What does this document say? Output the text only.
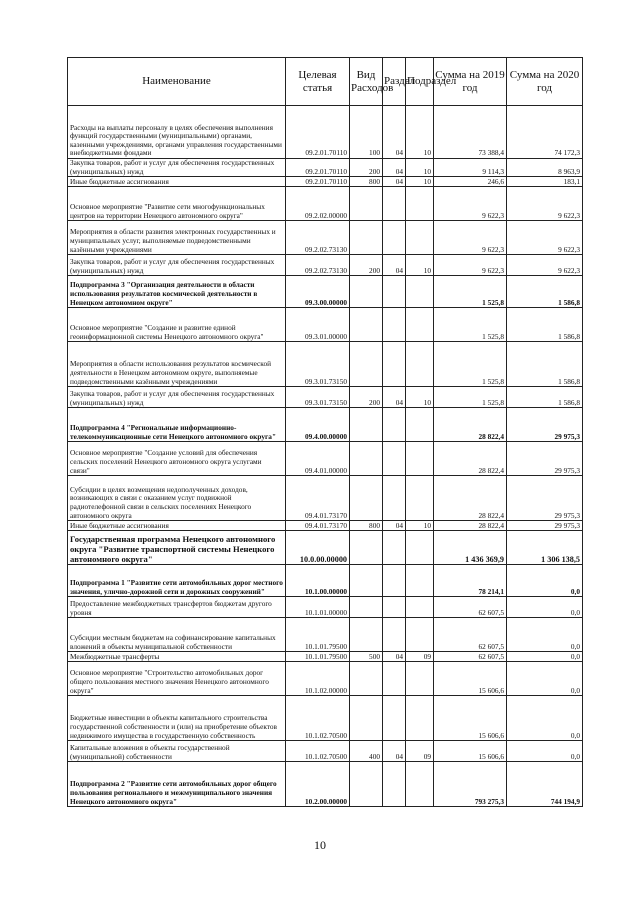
Наименование	Целевая статья	Вид Расходов	Раздел	Подраздел	Сумма на 2019 год	Сумма на 2020 год
Расходы на выплаты персоналу в целях обеспечения выполнения функций государственными (муниципальными) органами, казенными учреждениями, органами управления государственными внебюджетными фондами	09.2.01.70110	100	04	10	73 388,4	74 172,3
Закупка товаров, работ и услуг для обеспечения государственных (муниципальных) нужд	09.2.01.70110	200	04	10	9 114,3	8 963,9
Иные бюджетные ассигнования	09.2.01.70110	800	04	10	246,6	183,1
Основное мероприятие "Развитие сети многофункциональных центров на территории Ненецкого автономного округа"	09.2.02.00000				9 622,3	9 622,3
Мероприятия в области развития электронных государственных и муниципальных услуг, выполняемые подведомственными казёнными учреждениями	09.2.02.73130				9 622,3	9 622,3
Закупка товаров, работ и услуг для обеспечения государственных (муниципальных) нужд	09.2.02.73130	200	04	10	9 622,3	9 622,3
Подпрограмма 3 "Организация деятельности в области использования результатов космической деятельности в Ненецком автономном округе"	09.3.00.00000				1 525,8	1 586,8
Основное мероприятие "Создание и развитие единой геоинформационной системы Ненецкого автономного округа"	09.3.01.00000				1 525,8	1 586,8
Мероприятия в области использования результатов космической деятельности в Ненецком автономном округе, выполняемые подведомственными казёнными учреждениями	09.3.01.73150				1 525,8	1 586,8
Закупка товаров, работ и услуг для обеспечения государственных (муниципальных) нужд	09.3.01.73150	200	04	10	1 525,8	1 586,8
Подпрограмма 4 "Региональные информационно-телекоммуникационные сети Ненецкого автономного округа"	09.4.00.00000				28 822,4	29 975,3
Основное мероприятие "Создание условий для обеспечения сельских поселений Ненецкого автономного округа услугами связи"	09.4.01.00000				28 822,4	29 975,3
Субсидии в целях возмещения недополученных доходов, возникающих в связи с оказанием услуг подвижной радиотелефонной связи в сельских поселениях Ненецкого автономного округа	09.4.01.73170				28 822,4	29 975,3
Иные бюджетные ассигнования	09.4.01.73170	800	04	10	28 822,4	29 975,3
Государственная программа Ненецкого автономного округа "Развитие транспортной системы Ненецкого автономного округа"	10.0.00.00000				1 436 369,9	1 306 138,5
Подпрограмма 1 "Развитие сети автомобильных дорог местного значения, улично-дорожной сети и дорожных сооружений"	10.1.00.00000				78 214,1	0,0
Предоставление межбюджетных трансфертов бюджетам другого уровня	10.1.01.00000				62 607,5	0,0
Субсидии местным бюджетам на софинансирование капитальных вложений в объекты муниципальной собственности	10.1.01.79500				62 607,5	0,0
Межбюджетные трансферты	10.1.01.79500	500	04	09	62 607,5	0,0
Основное мероприятие "Строительство автомобильных дорог общего пользования местного значения Ненецкого автономного округа"	10.1.02.00000				15 606,6	0,0
Бюджетные инвестиции в объекты капитального строительства государственной собственности и (или) на приобретение объектов недвижимого имущества в государственную собственность	10.1.02.70500				15 606,6	0,0
Капитальные вложения в объекты государственной (муниципальной) собственности	10.1.02.70500	400	04	09	15 606,6	0,0
Подпрограмма 2 "Развитие сети автомобильных дорог общего пользования регионального и межмуниципального значения Ненецкого автономного округа"	10.2.00.00000				793 275,3	744 194,9
10
